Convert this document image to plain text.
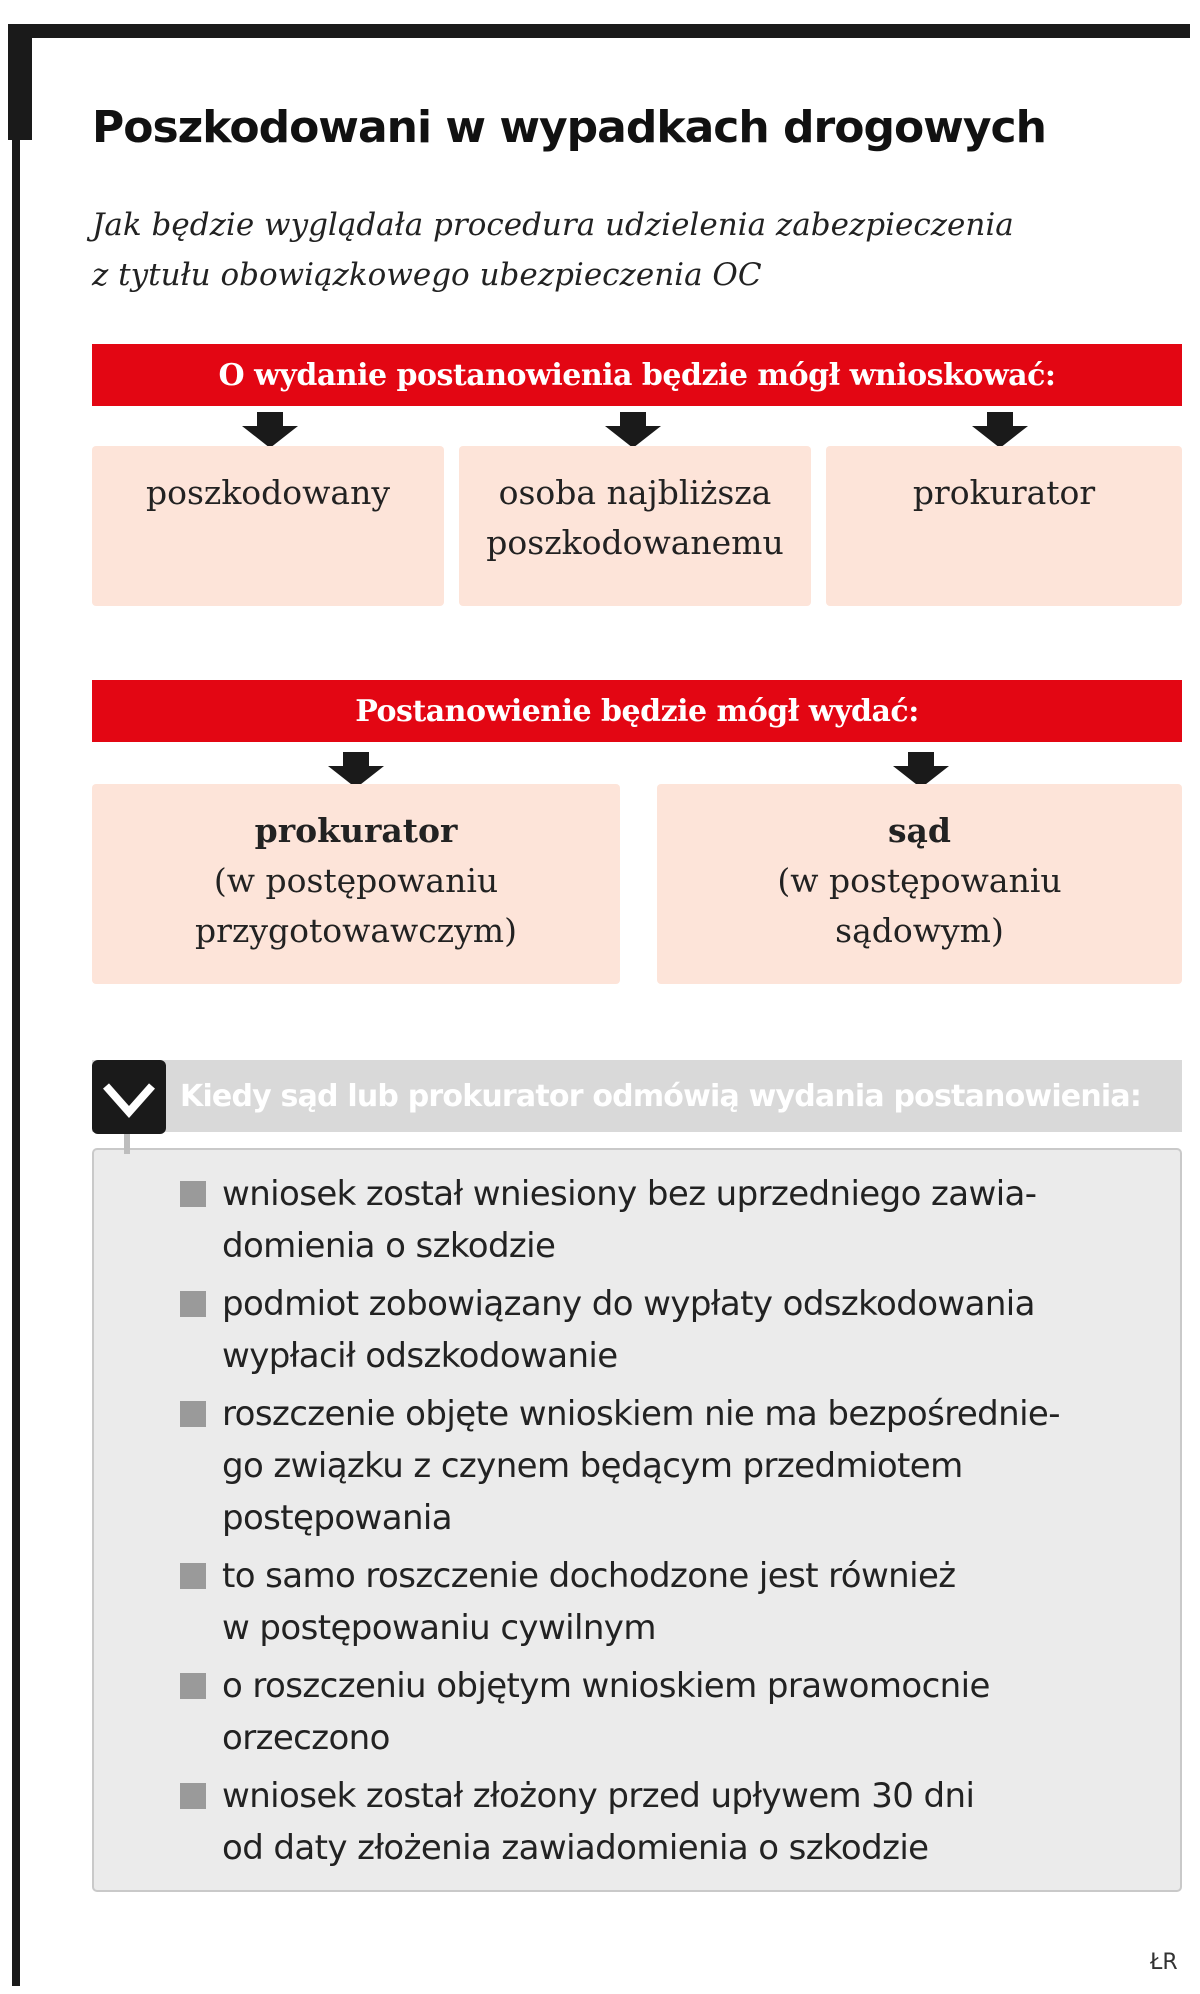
Poszkodowani w wypadkach drogowych
Jak będzie wyglądała procedura udzielenia zabezpieczenia
z tytułu obowiązkowego ubezpieczenia OC
O wydanie postanowienia będzie mógł wnioskować:
poszkodowany	osoba najbliższa
poszkodowanemu
prokurator
Postanowienie będzie mógł wydać:
prokurator
(w postępowaniu
przygotowawczym)
sąd
(w postępowaniu
sądowym)
Kiedy sąd lub prokurator odmówią wydania postanowienia:
wniosek został wniesiony bez uprzedniego zawia-
domienia o szkodzie
podmiot zobowiązany do wypłaty odszkodowania
wypłacił odszkodowanie
roszczenie objęte wnioskiem nie ma bezpośrednie-
go związku z czynem będącym przedmiotem
postępowania
to samo roszczenie dochodzone jest również
w postępowaniu cywilnym
o roszczeniu objętym wnioskiem prawomocnie
orzeczono
wniosek został złożony przed upływem 30 dni
od daty złożenia zawiadomienia o szkodzie
ŁR
